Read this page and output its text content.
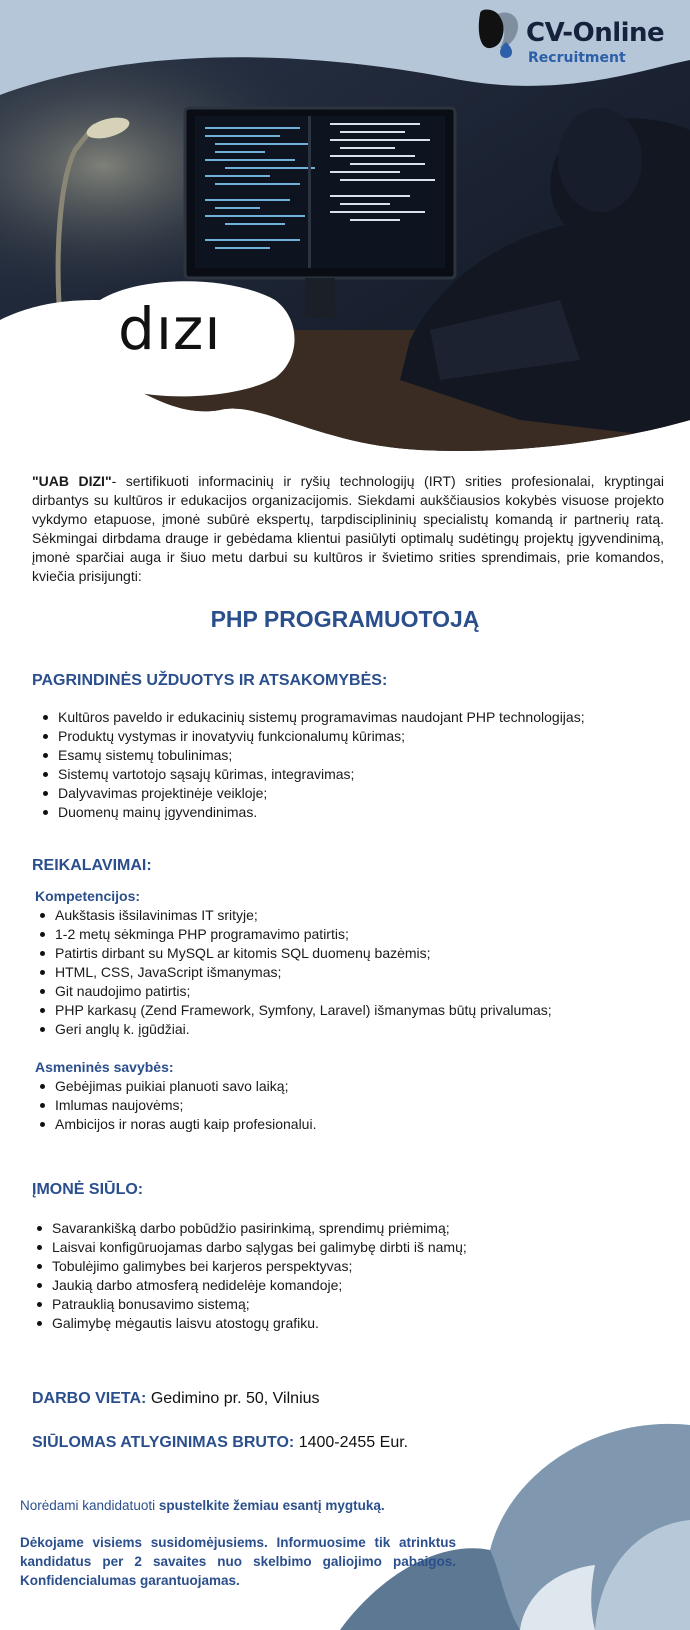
CV-Online
Recruitment
dızı

"UAB DIZI"- sertifikuoti informacinių ir ryšių technologijų (IRT) srities profesionalai, kryptingai dirbantys su kultūros ir edukacijos organizacijomis. Siekdami aukščiausios kokybės visuose projekto vykdymo etapuose, įmonė subūrė ekspertų, tarpdisciplininių specialistų komandą ir partnerių ratą. Sėkmingai dirbdama drauge ir gebėdama klientui pasiūlyti optimalų sudėtingų projektų įgyvendinimą, įmonė sparčiai auga ir šiuo metu darbui su kultūros ir švietimo srities sprendimais, prie komandos, kviečia prisijungti:

PHP PROGRAMUOTOJĄ
PAGRINDINĖS UŽDUOTYS IR ATSAKOMYBĖS:
Kultūros paveldo ir edukacinių sistemų programavimas naudojant PHP technologijas;
Produktų vystymas ir inovatyvių funkcionalumų kūrimas;
Esamų sistemų tobulinimas;
Sistemų vartotojo sąsajų kūrimas, integravimas;
Dalyvavimas projektinėje veikloje;
Duomenų mainų įgyvendinimas.
REIKALAVIMAI:
Kompetencijos:
Aukštasis išsilavinimas IT srityje;
1-2 metų sėkminga PHP programavimo patirtis;
Patirtis dirbant su MySQL ar kitomis SQL duomenų bazėmis;
HTML, CSS, JavaScript išmanymas;
Git naudojimo patirtis;
PHP karkasų (Zend Framework, Symfony, Laravel) išmanymas būtų privalumas;
Geri anglų k. įgūdžiai.
Asmeninės savybės:
Gebėjimas puikiai planuoti savo laiką;
Imlumas naujovėms;
Ambicijos ir noras augti kaip profesionalui.
ĮMONĖ SIŪLO:
Savarankišką darbo pobūdžio pasirinkimą, sprendimų priėmimą;
Laisvai konfigūruojamas darbo sąlygas bei galimybę dirbti iš namų;
Tobulėjimo galimybes bei karjeros perspektyvas;
Jaukią darbo atmosferą nedidelėje komandoje;
Patrauklią bonusavimo sistemą;
Galimybę mėgautis laisvu atostogų grafiku.

DARBO VIETA: Gedimino pr. 50, Vilnius

SIŪLOMAS ATLYGINIMAS BRUTO: 1400-2455 Eur.

Norėdami kandidatuoti spustelkite žemiau esantį mygtuką.

Dėkojame visiems susidomėjusiems. Informuosime tik atrinktus kandidatus per 2 savaites nuo skelbimo galiojimo pabaigos. Konfidencialumas garantuojamas.
